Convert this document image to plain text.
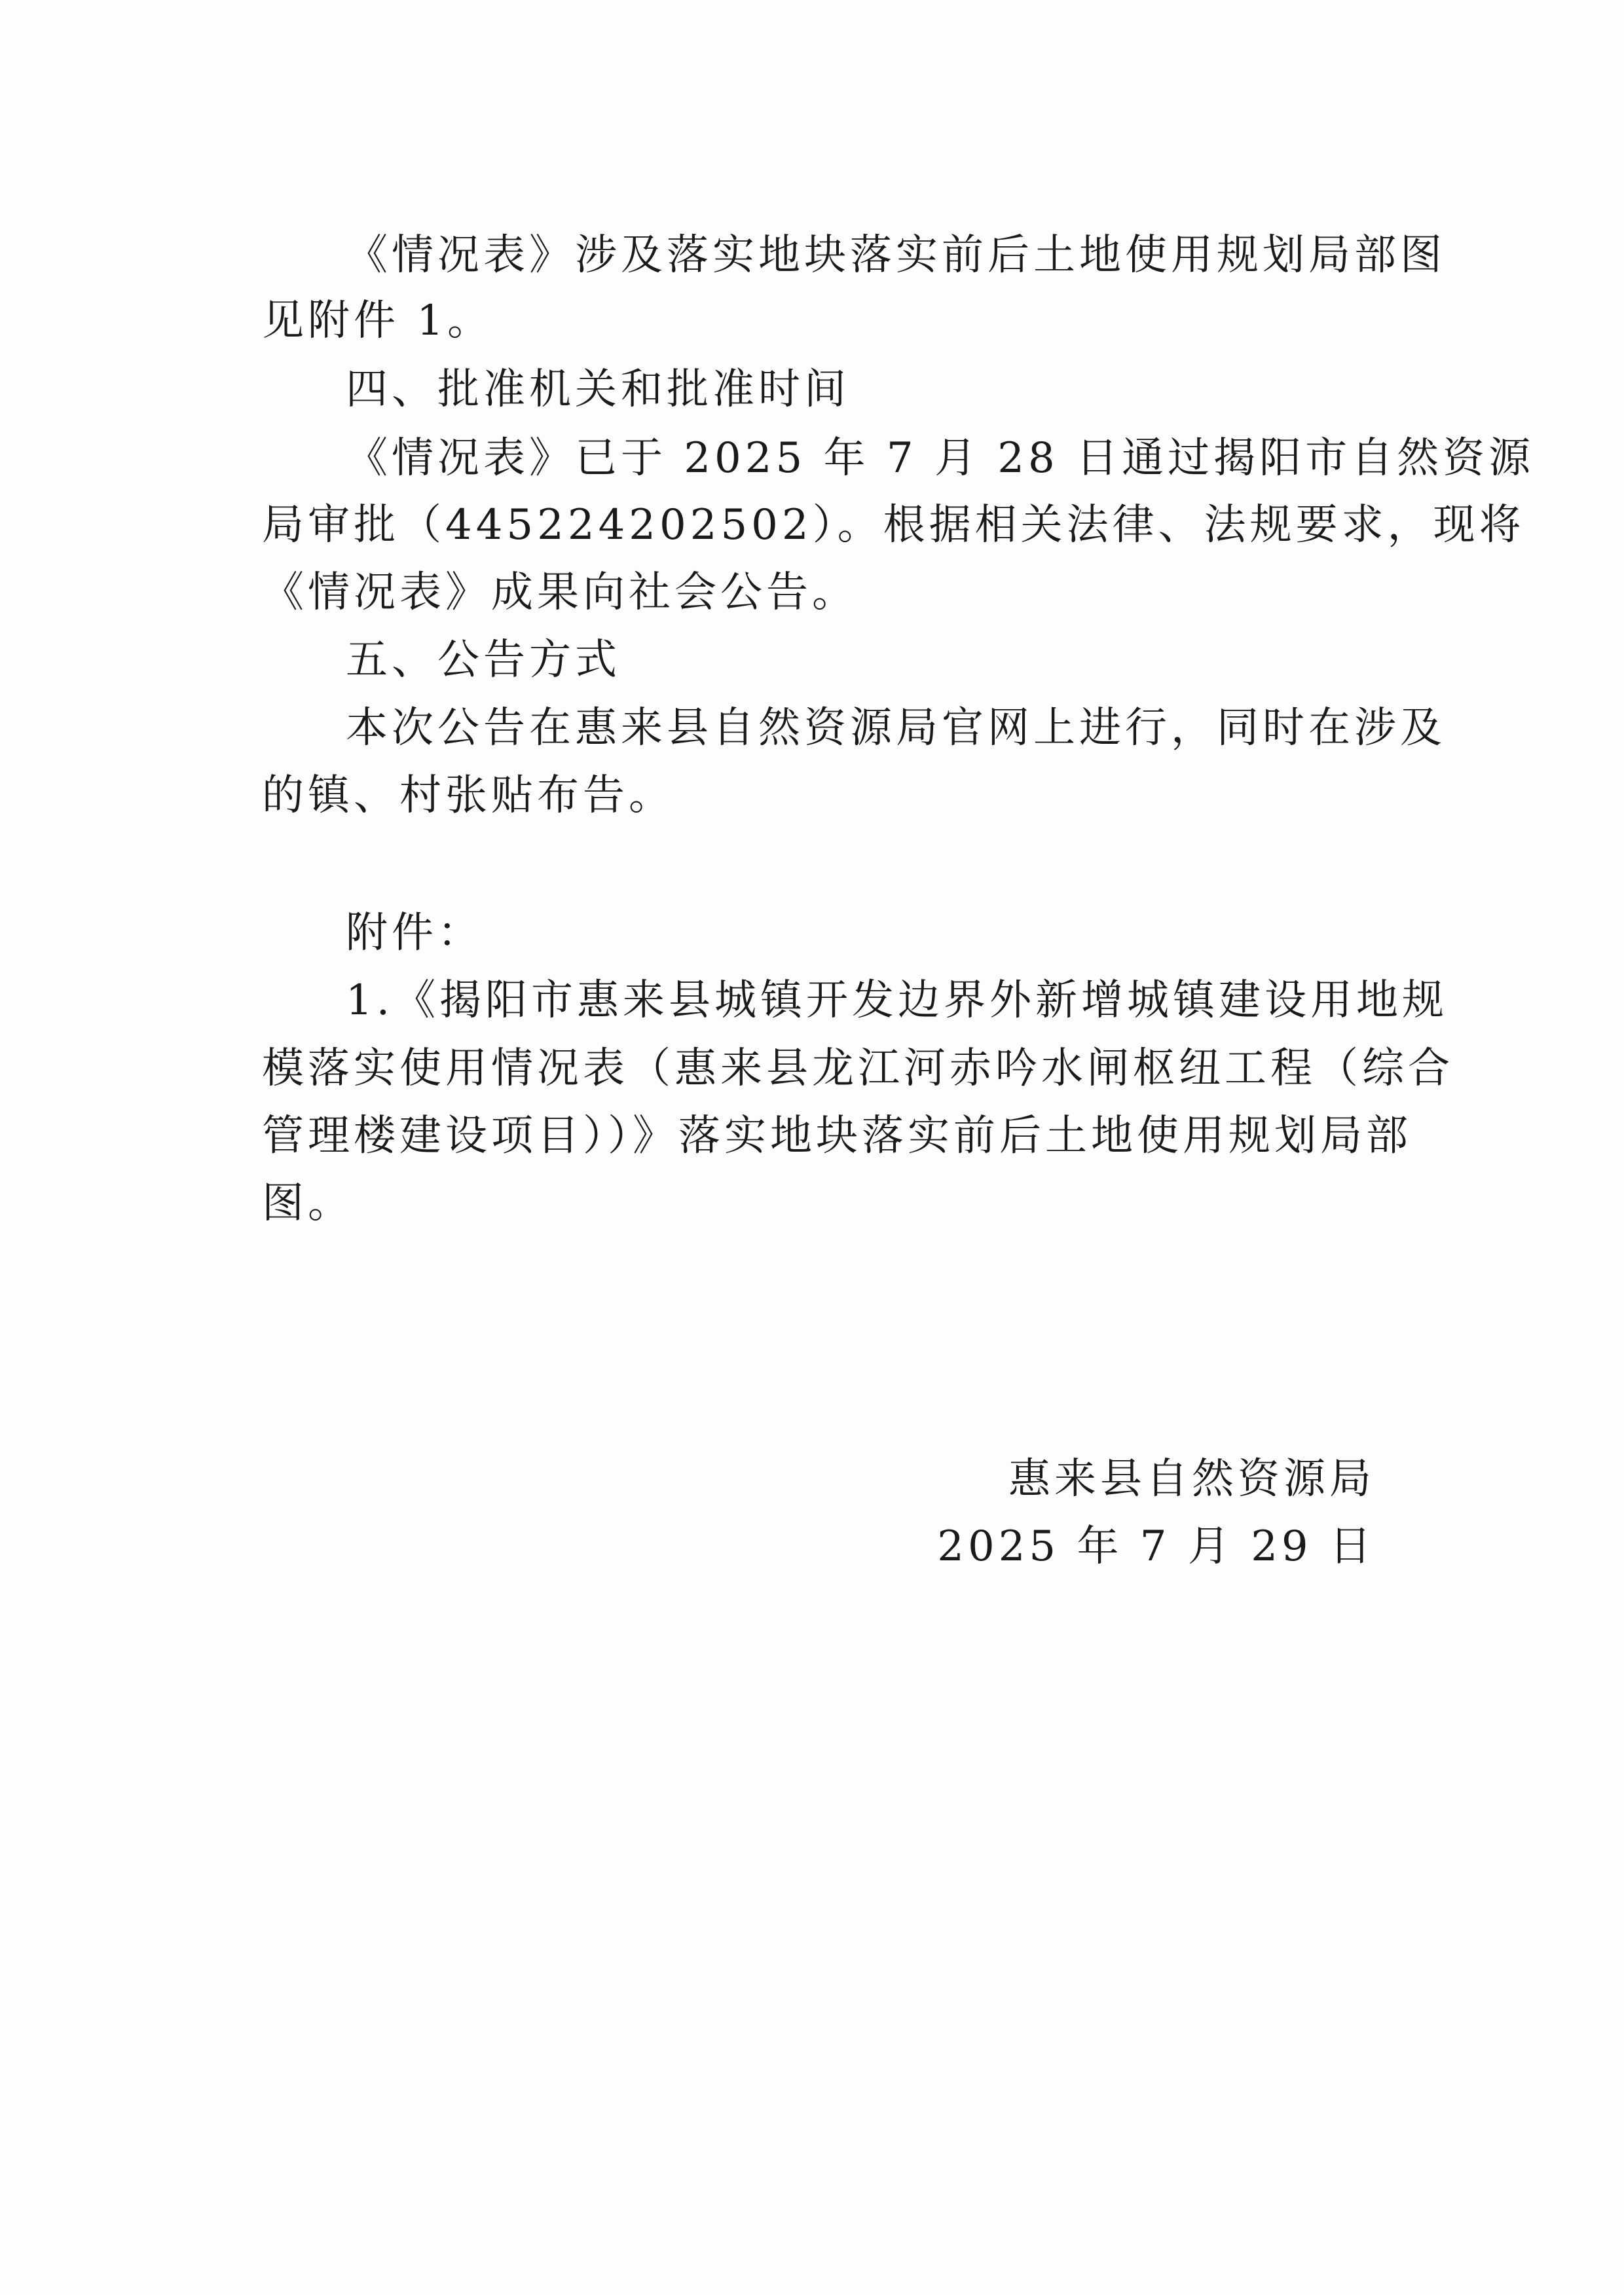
《情况表》涉及落实地块落实前后土地使用规划局部图
见附件 1。
四、批准机关和批准时间
《情况表》已于 2025 年 7 月 28 日通过揭阳市自然资源
局审批（445224202502）。根据相关法律、法规要求，现将
《情况表》成果向社会公告。
五、公告方式
本次公告在惠来县自然资源局官网上进行，同时在涉及
的镇、村张贴布告。
附件：
1.《揭阳市惠来县城镇开发边界外新增城镇建设用地规
模落实使用情况表（惠来县龙江河赤吟水闸枢纽工程（综合
管理楼建设项目））》落实地块落实前后土地使用规划局部
图。
惠来县自然资源局
2025 年 7 月 29 日
